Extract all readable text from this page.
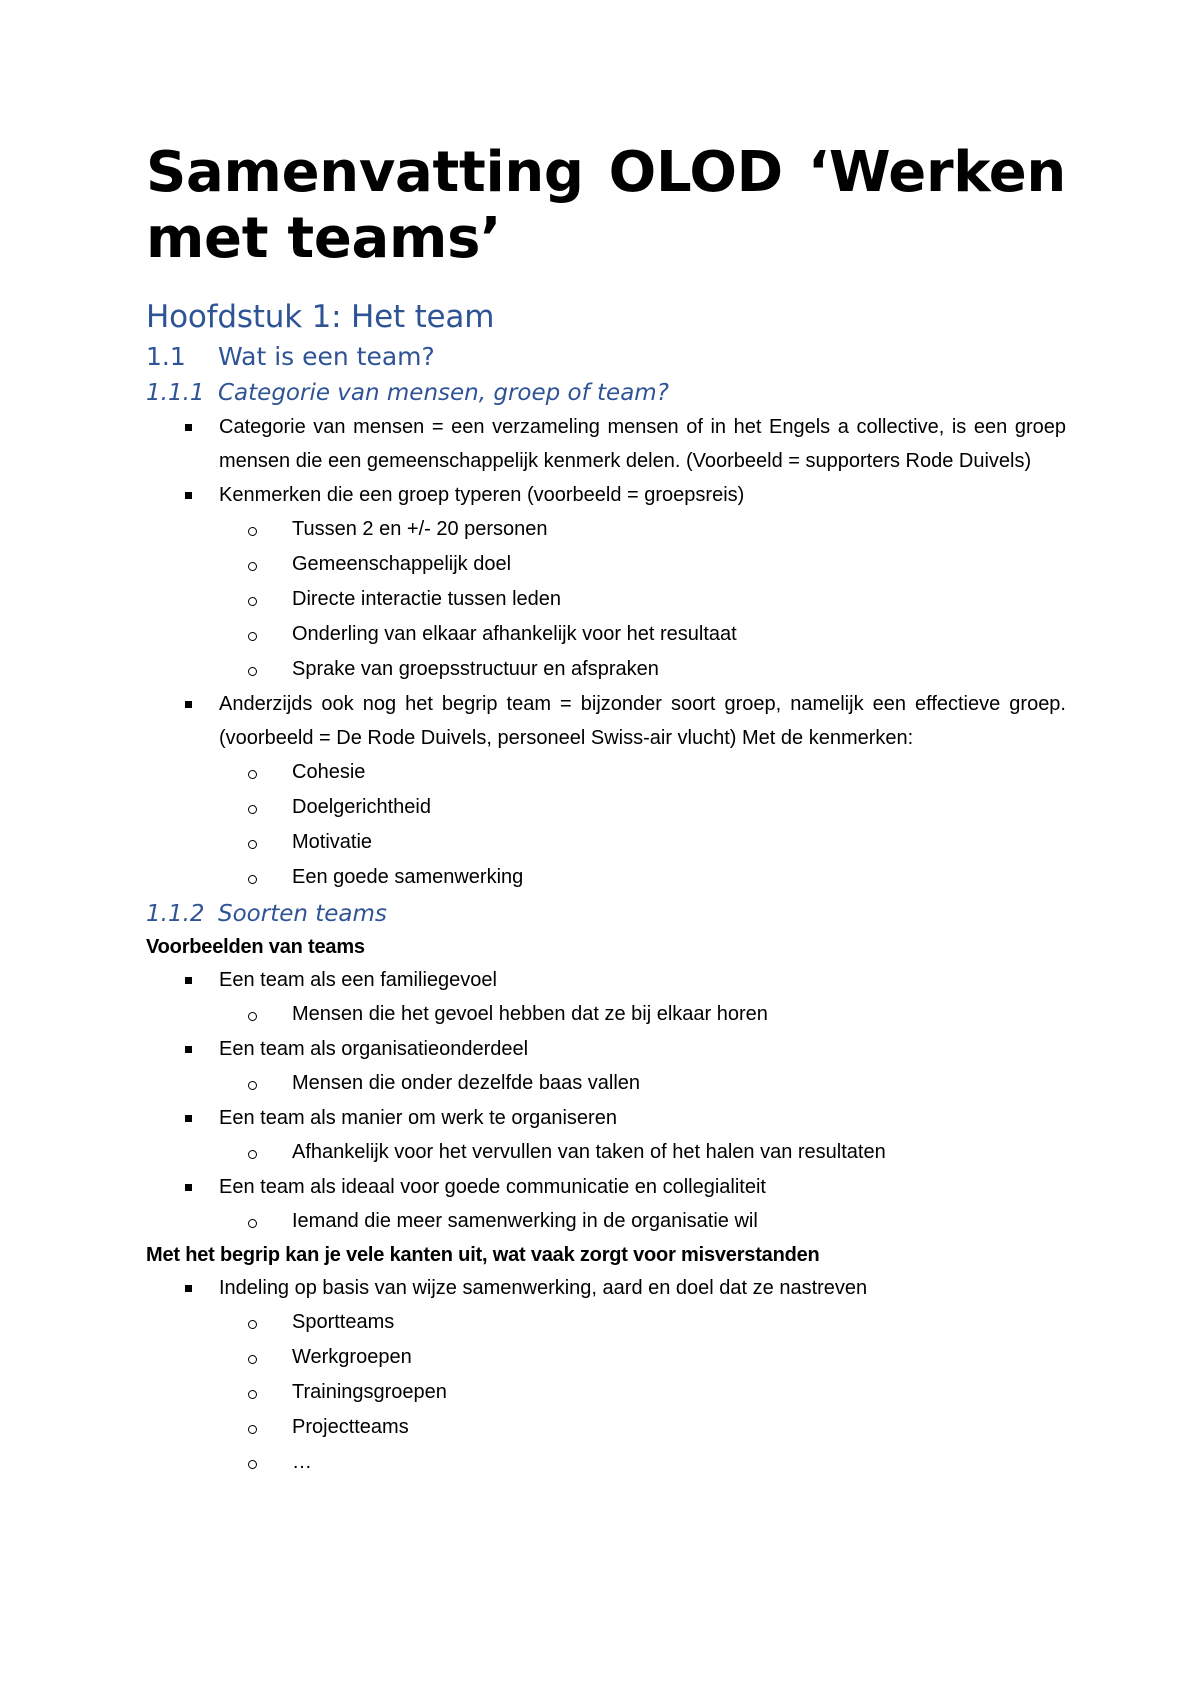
Samenvatting OLOD ‘Werken met teams’
Hoofdstuk 1: Het team
1.1	Wat is een team?
1.1.1 Categorie van mensen, groep of team?
Categorie van mensen = een verzameling mensen of in het Engels a collective, is een groep mensen die een gemeenschappelijk kenmerk delen. (Voorbeeld = supporters Rode Duivels)
Kenmerken die een groep typeren (voorbeeld = groepsreis)
Tussen 2 en +/- 20 personen
Gemeenschappelijk doel
Directe interactie tussen leden
Onderling van elkaar afhankelijk voor het resultaat
Sprake van groepsstructuur en afspraken
Anderzijds ook nog het begrip team = bijzonder soort groep, namelijk een effectieve groep. (voorbeeld = De Rode Duivels, personeel Swiss-air vlucht) Met de kenmerken:
Cohesie
Doelgerichtheid
Motivatie
Een goede samenwerking
1.1.2 Soorten teams
Voorbeelden van teams
Een team als een familiegevoel
Mensen die het gevoel hebben dat ze bij elkaar horen
Een team als organisatieonderdeel
Mensen die onder dezelfde baas vallen
Een team als manier om werk te organiseren
Afhankelijk voor het vervullen van taken of het halen van resultaten
Een team als ideaal voor goede communicatie en collegialiteit
Iemand die meer samenwerking in de organisatie wil
Met het begrip kan je vele kanten uit, wat vaak zorgt voor misverstanden
Indeling op basis van wijze samenwerking, aard en doel dat ze nastreven
Sportteams
Werkgroepen
Trainingsgroepen
Projectteams
…
